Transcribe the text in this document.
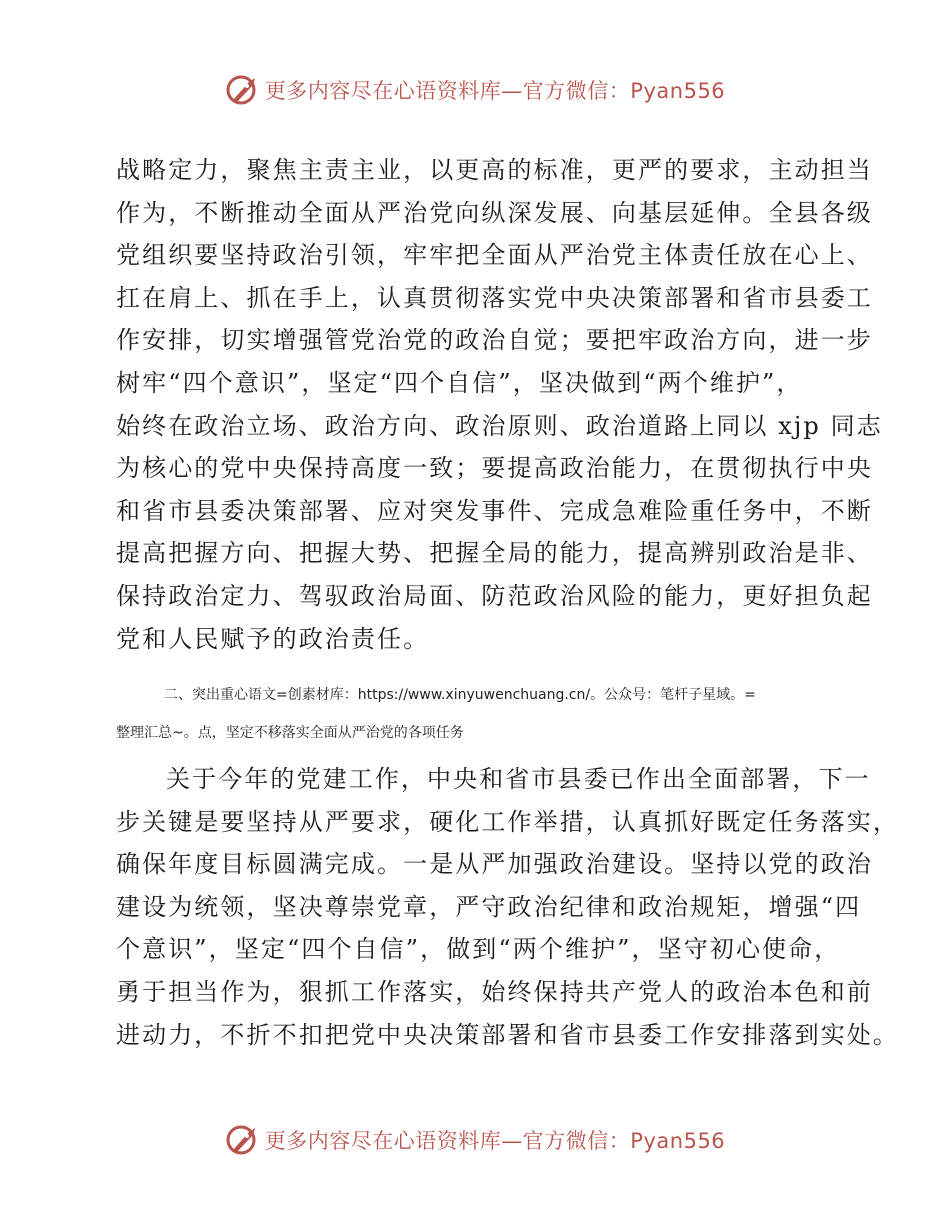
更多内容尽在心语资料库—官方微信：Pyan556
战略定力，聚焦主责主业，以更高的标准，更严的要求，主动担当
作为，不断推动全面从严治党向纵深发展、向基层延伸。全县各级
党组织要坚持政治引领，牢牢把全面从严治党主体责任放在心上、
扛在肩上、抓在手上，认真贯彻落实党中央决策部署和省市县委工
作安排，切实增强管党治党的政治自觉；要把牢政治方向，进一步
树牢“四个意识”，坚定“四个自信”，坚决做到“两个维护”，
始终在政治立场、政治方向、政治原则、政治道路上同以 xjp 同志
为核心的党中央保持高度一致；要提高政治能力，在贯彻执行中央
和省市县委决策部署、应对突发事件、完成急难险重任务中，不断
提高把握方向、把握大势、把握全局的能力，提高辨别政治是非、
保持政治定力、驾驭政治局面、防范政治风险的能力，更好担负起
党和人民赋予的政治责任。
二、突出重心语文=创素材库：https://www.xinyuwenchuang.cn/。公众号：笔杆子星域。=
整理汇总~。点，坚定不移落实全面从严治党的各项任务
关于今年的党建工作，中央和省市县委已作出全面部署，下一
步关键是要坚持从严要求，硬化工作举措，认真抓好既定任务落实，
确保年度目标圆满完成。一是从严加强政治建设。坚持以党的政治
建设为统领，坚决尊崇党章，严守政治纪律和政治规矩，增强“四
个意识”，坚定“四个自信”，做到“两个维护”，坚守初心使命，
勇于担当作为，狠抓工作落实，始终保持共产党人的政治本色和前
进动力，不折不扣把党中央决策部署和省市县委工作安排落到实处。
更多内容尽在心语资料库—官方微信：Pyan556
